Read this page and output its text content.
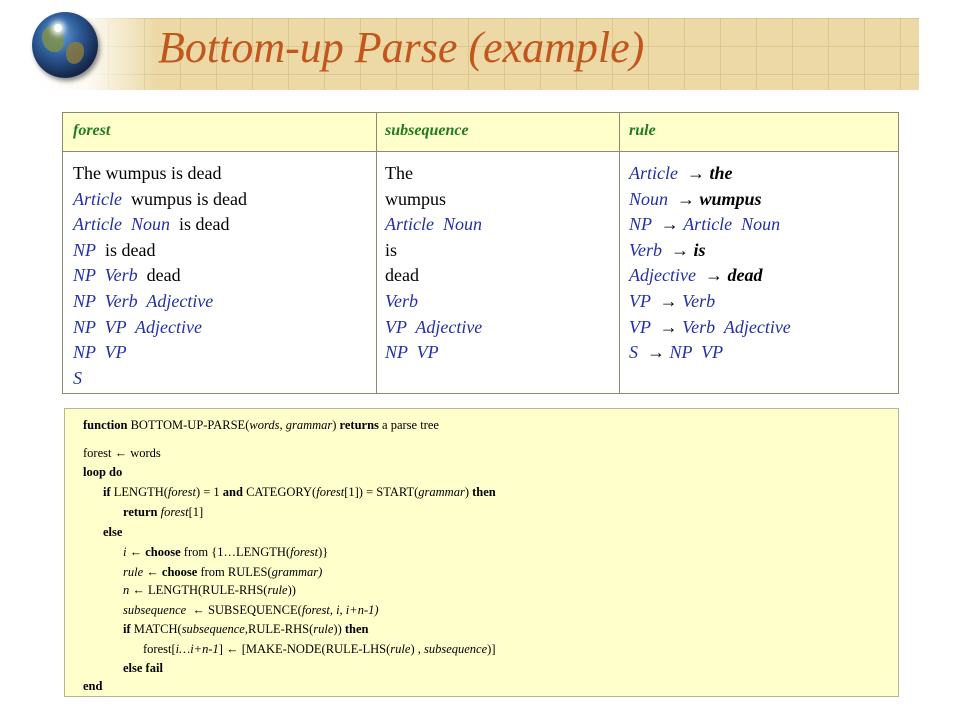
Bottom-up Parse (example)
forest	subsequence	rule
The wumpus is dead
Article  wumpus is dead
Article  Noun  is dead
NP  is dead
NP  Verb  dead
NP  Verb  Adjective
NP  VP  Adjective
NP  VP
S
The
wumpus
Article  Noun
is
dead
Verb
VP  Adjective
NP  VP
Article  → the
Noun  → wumpus
NP  → Article  Noun
Verb  → is
Adjective  → dead
VP  → Verb
VP  → Verb  Adjective
S  → NP  VP
function BOTTOM-UP-PARSE(words, grammar) returns a parse tree
forest ← words
loop do
if LENGTH(forest) = 1 and CATEGORY(forest[1]) = START(grammar) then
return forest[1]
else
i ← choose from {1…LENGTH(forest)}
rule ← choose from RULES(grammar)
n ← LENGTH(RULE-RHS(rule))
subsequence  ← SUBSEQUENCE(forest, i, i+n-1)
if MATCH(subsequence,RULE-RHS(rule)) then
forest[i…i+n-1] ← [MAKE-NODE(RULE-LHS(rule) , subsequence)]
else fail
end
